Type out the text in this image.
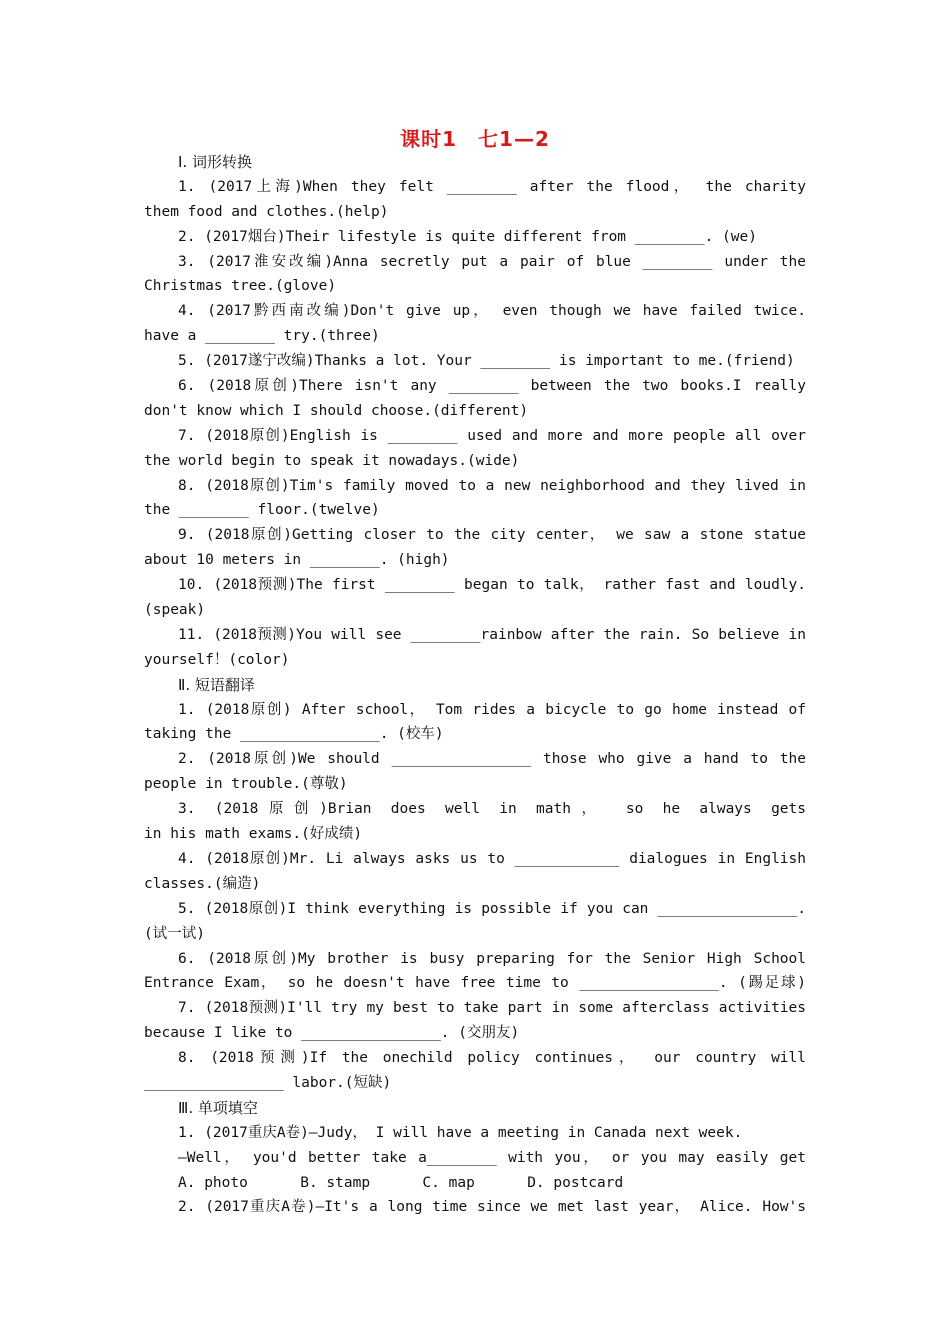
课时1　七1—2
Ⅰ. 词形转换
1. (2017上海)When they felt ________ after the flood， the charity
them food and clothes.(help)
2. (2017烟台)Their lifestyle is quite different from ________. (we)
3. (2017淮安改编)Anna secretly put a pair of blue ________ under the
Christmas tree.(glove)
4. (2017黔西南改编)Don't give up， even though we have failed twice.
have a ________ try.(three)
5. (2017遂宁改编)Thanks a lot. Your ________ is important to me.(friend)
6. (2018原创)There isn't any ________ between the two books.I really
don't know which I should choose.(different)
7. (2018原创)English is ________ used and more and more people all over
the world begin to speak it nowadays.(wide)
8. (2018原创)Tim's family moved to a new neighborhood and they lived in
the ________ floor.(twelve)
9. (2018原创)Getting closer to the city center， we saw a stone statue
about 10 meters in ________. (high)
10. (2018预测)The first ________ began to talk， rather fast and loudly.
(speak)
11. (2018预测)You will see ________rainbow after the rain. So believe in
yourself！(color)
Ⅱ. 短语翻译
1. (2018原创) After school， Tom rides a bicycle to go home instead of
taking the ________________. (校车)
2. (2018原创)We should ________________ those who give a hand to the
people in trouble.(尊敬)
3. (2018原创)Brian does well in math， so he always gets
in his math exams.(好成绩)
4. (2018原创)Mr. Li always asks us to ____________ dialogues in English
classes.(编造)
5. (2018原创)I think everything is possible if you can ________________.
(试一试)
6. (2018原创)My brother is busy preparing for the Senior High School
Entrance Exam， so he doesn't have free time to ________________. (踢足球)
7. (2018预测)I'll try my best to take part in some afterclass activities
because I like to ________________. (交朋友)
8. (2018预测)If the onechild policy continues， our country will
________________ labor.(短缺)
Ⅲ. 单项填空
1. (2017重庆A卷)—Judy， I will have a meeting in Canada next week.
—Well， you'd better take a________ with you， or you may easily get
A. photo      B. stamp      C. map      D. postcard
2. (2017重庆A卷)—It's a long time since we met last year， Alice. How's
